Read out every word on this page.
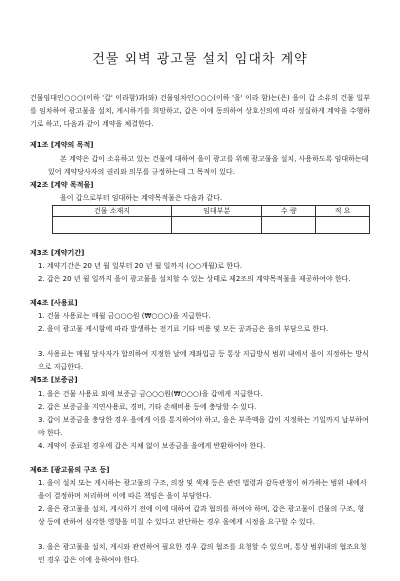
건물 외벽 광고물 설치 임대차 계약
건물임대인○○○(이하 '갑' 이라함)과(와) 건물임차인○○○(이하 '을' 이라 함)는(은) 을이 갑 소유의 건물 일부를 임차하여 광고물을 설치, 게시하기를 희망하고, 갑은 이에 동의하여 상호신의에 따라 성실하게 계약을 수행하기로 하고, 다음과 같이 계약을 체결한다.
제1조 [계약의 목적]
본 계약은 갑이 소유하고 있는 건물에 대하여 을이 광고를 위해 광고물을 설치, 사용하도록 임대하는데 있어 계약당사자의 권리와 의무를 규정하는데 그 목적이 있다.
제2조 [계약 목적물]
을이 갑으로부터 임대하는 계약목적물은 다음과 같다.
건물 소재지	임대부분	수 량	적 요

제3조 [계약기간]
1. 계약기간은 20 년 월 일부터 20 년 월 일까지 (○○개월)로 한다.
2. 갑은 20 년 월 일까지 을이 광고물을 설치할 수 있는 상태로 제2조의 계약목적물을 제공하여야 한다.
제4조 [사용료]
1. 건물 사용료는 매월 금○○○원 (₩○○○)을 지급한다.
2. 을이 광고물 게시함에 따라 발생하는 전기료 기타 비용 및 모든 공과금은 을의 부담으로 한다.
3. 사용료는 매월 당사자가 합의하여 지정한 날에 계좌입금 등 통상 지급방식 범위 내에서 을이 지정하는 방식으로 지급한다.
제5조 [보증금]
1. 을은 건물 사용료 외에 보증금 금○○○원(₩○○○)을 갑에게 지급한다.
2. 갑은 보증금을 지연사용료, 경비, 기타 손해비용 등에 충당할 수 있다.
3. 갑이 보증금을 충당한 경우 을에게 이를 통지하여야 하고, 을은 부족액을 갑이 지정하는 기일까지 납부하여야 한다.
4. 계약이 종료된 경우에 갑은 지체 없이 보증금을 을에게 반환하여야 한다.
제6조 [광고물의 구조 등]
1. 을이 설치 또는 게시하는 광고물의 구조, 의장 및 색채 등은 관련 법령과 감독관청이 허가하는 범위 내에서 을이 결정하며 처리하며 이에 따른 책임은 을이 부담한다.
2. 을은 광고물을 설치, 게시하기 전에 이에 대하여 갑과 협의를 하여야 하며, 갑은 광고물이 건물의 구조, 형상 등에 관하여 심각한 영향을 미칠 수 있다고 판단하는 경우 을에게 시정을 요구할 수 있다.
3. 을은 광고물을 설치, 게시와 관련하여 필요한 경우 갑의 협조를 요청할 수 있으며, 통상 범위내의 협조요청인 경우 갑은 이에 응하여야 한다.
